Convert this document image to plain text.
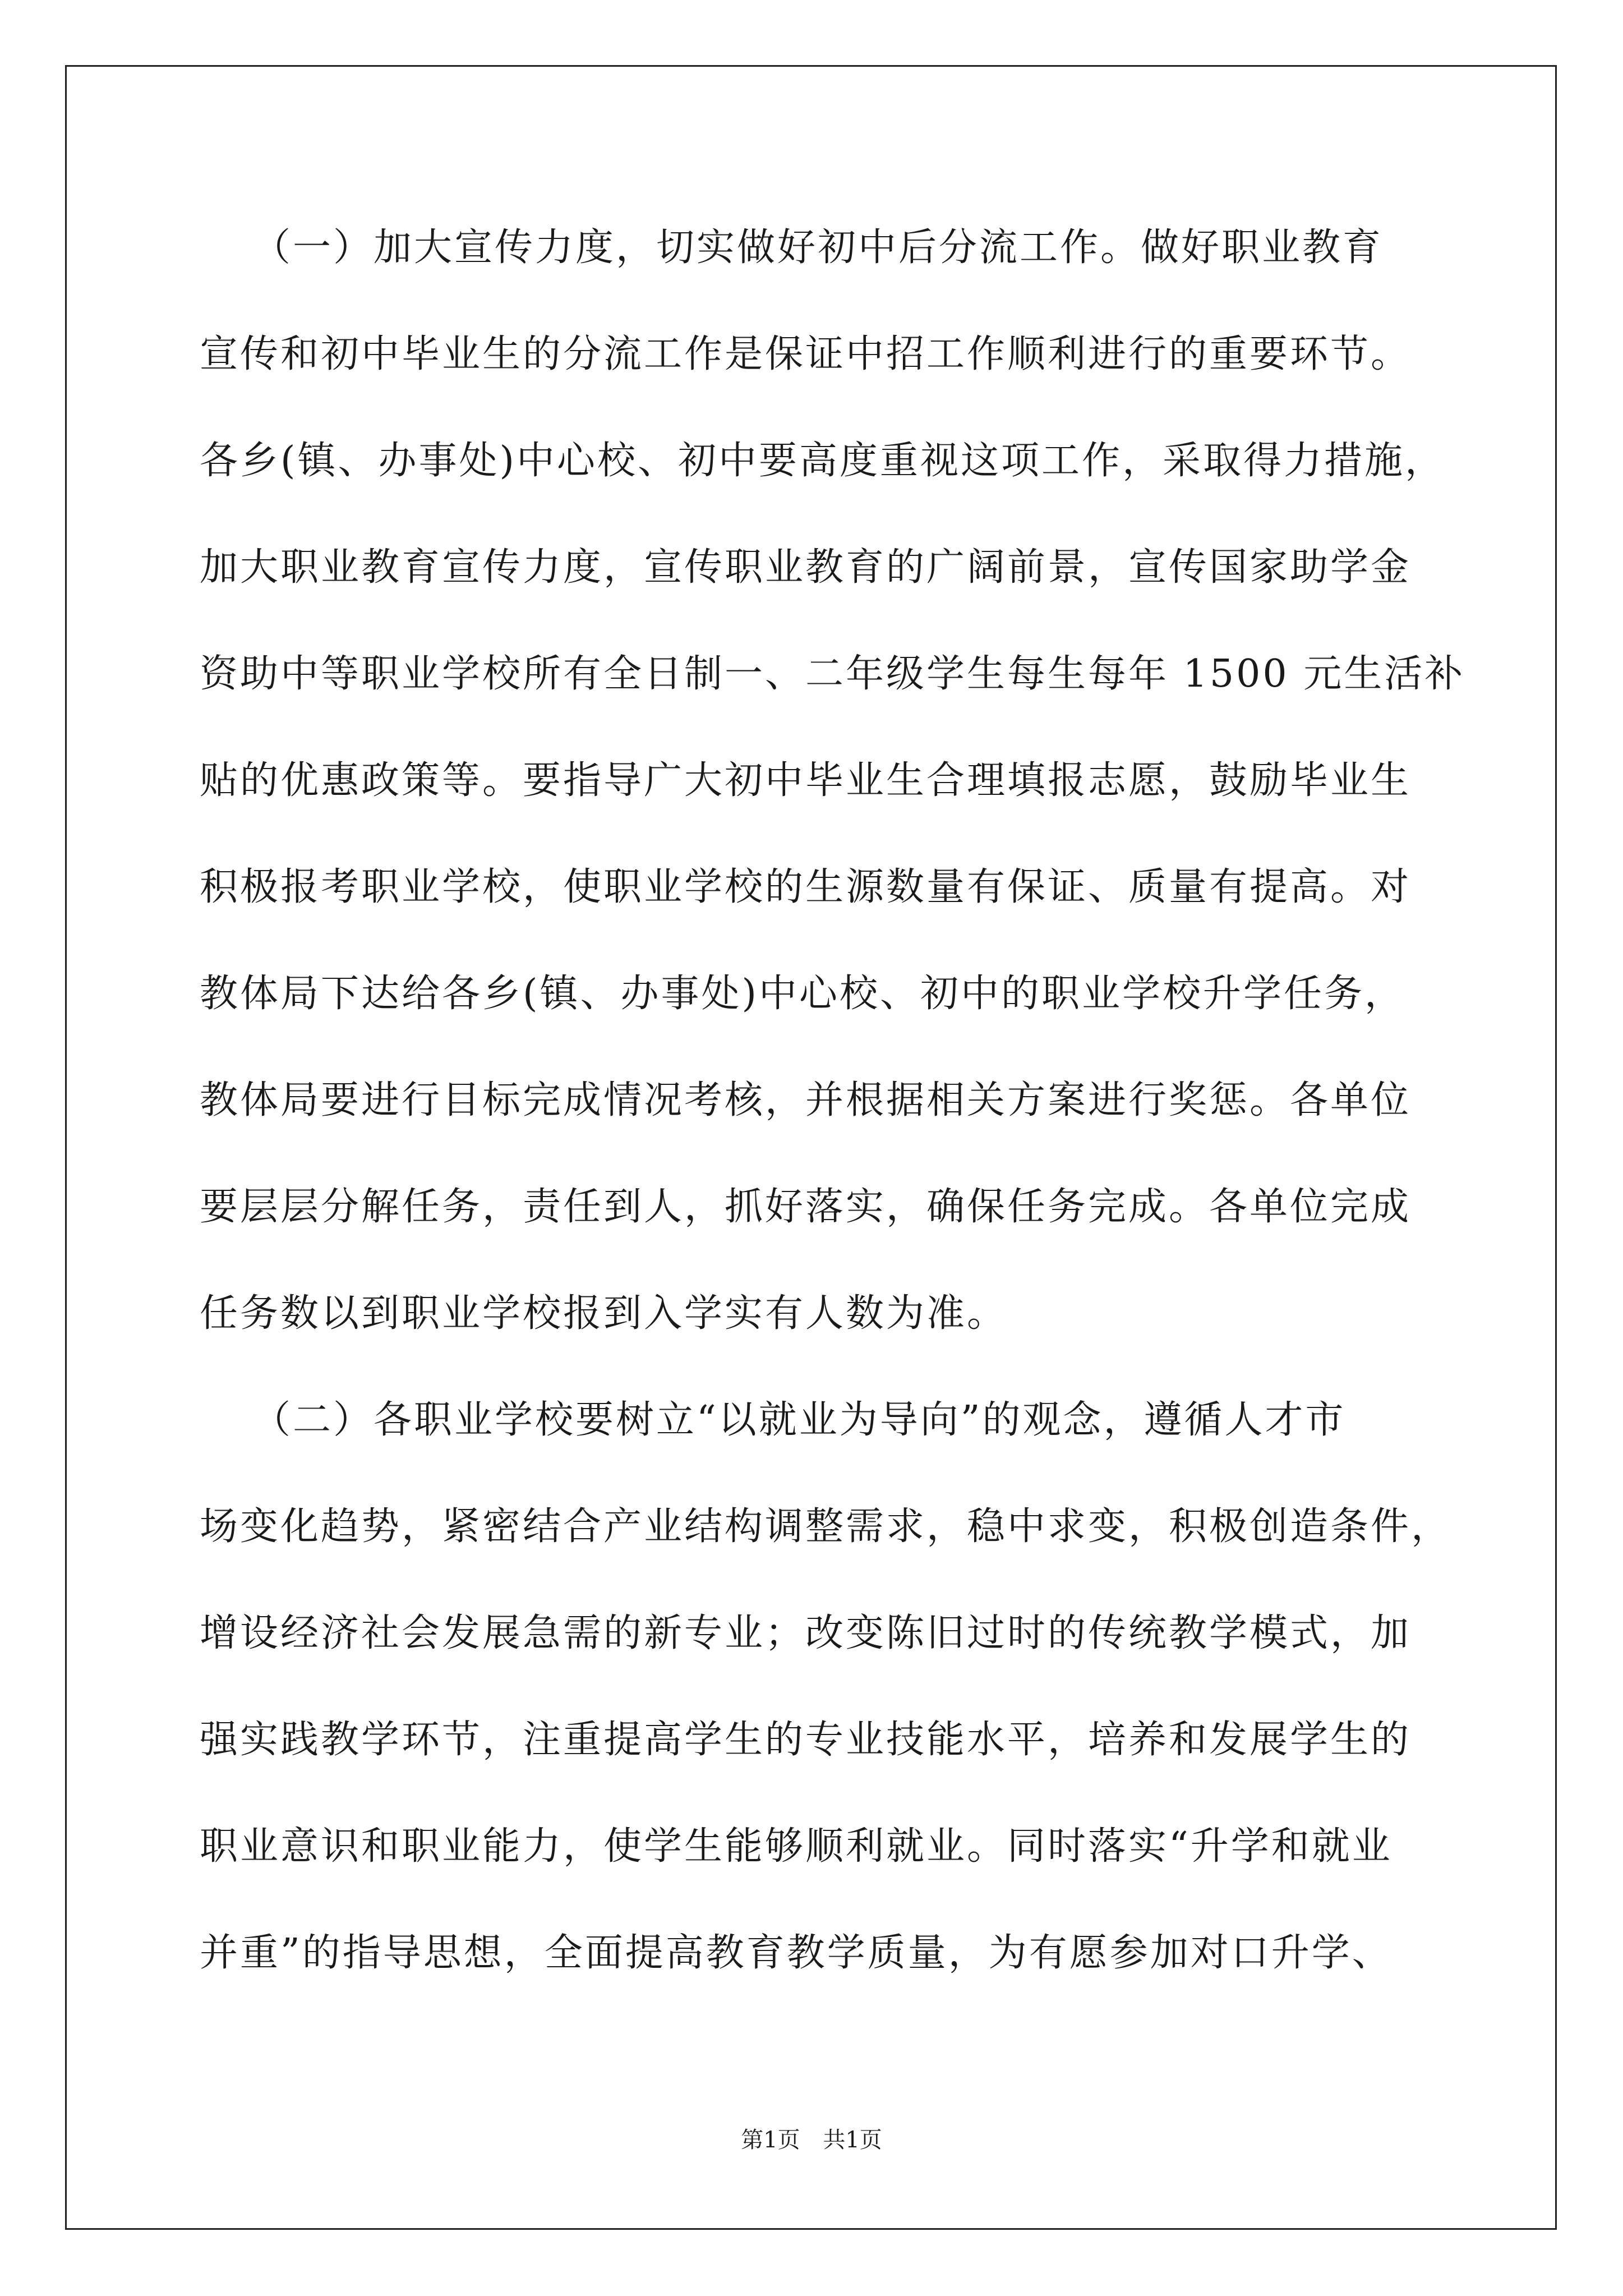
（一）加大宣传力度，切实做好初中后分流工作。做好职业教育
宣传和初中毕业生的分流工作是保证中招工作顺利进行的重要环节。
各乡(镇、办事处)中心校、初中要高度重视这项工作，采取得力措施，
加大职业教育宣传力度，宣传职业教育的广阔前景，宣传国家助学金
资助中等职业学校所有全日制一、二年级学生每生每年 1500 元生活补
贴的优惠政策等。要指导广大初中毕业生合理填报志愿，鼓励毕业生
积极报考职业学校，使职业学校的生源数量有保证、质量有提高。对
教体局下达给各乡(镇、办事处)中心校、初中的职业学校升学任务，
教体局要进行目标完成情况考核，并根据相关方案进行奖惩。各单位
要层层分解任务，责任到人，抓好落实，确保任务完成。各单位完成
任务数以到职业学校报到入学实有人数为准。
（二）各职业学校要树立“以就业为导向”的观念，遵循人才市
场变化趋势，紧密结合产业结构调整需求，稳中求变，积极创造条件，
增设经济社会发展急需的新专业；改变陈旧过时的传统教学模式，加
强实践教学环节，注重提高学生的专业技能水平，培养和发展学生的
职业意识和职业能力，使学生能够顺利就业。同时落实“升学和就业
并重”的指导思想，全面提高教育教学质量，为有愿参加对口升学、
第1页 共1页
